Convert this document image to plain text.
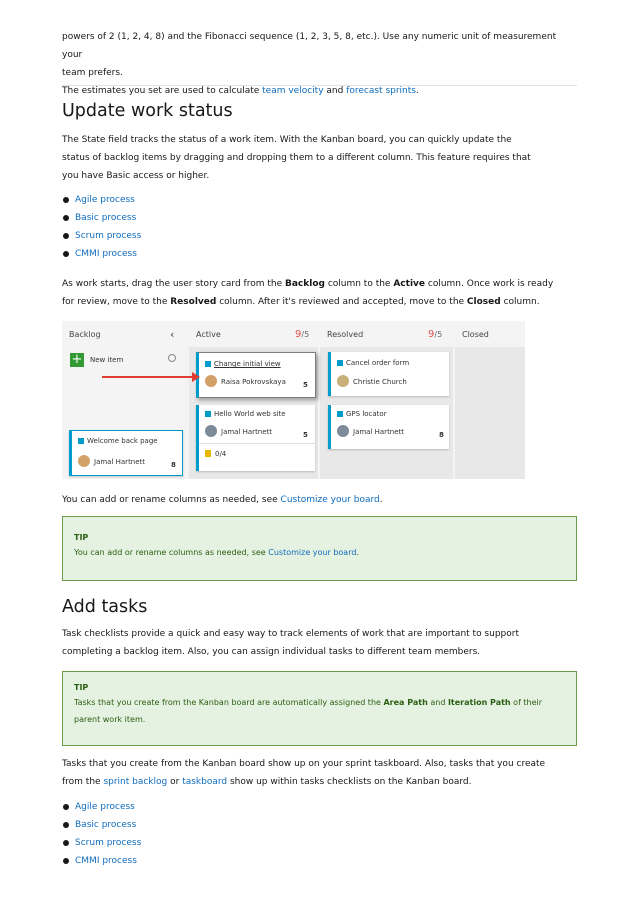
powers of 2 (1, 2, 4, 8) and the Fibonacci sequence (1, 2, 3, 5, 8, etc.). Use any numeric unit of measurement your

team prefers.

The estimates you set are used to calculate team velocity and forecast sprints.

Update work status

The State field tracks the status of a work item. With the Kanban board, you can quickly update the status of backlog items by dragging and dropping them to a different column. This feature requires that you have Basic access or higher.

Agile process
Basic process
Scrum process
CMMI process

As work starts, drag the user story card from the Backlog column to the Active column. Once work is ready for review, move to the Resolved column. After it's reviewed and accepted, move to the Closed column.

You can add or rename columns as needed, see Customize your board.

TIP
You can add or rename columns as needed, see Customize your board.
Add tasks

Task checklists provide a quick and easy way to track elements of work that are important to support completing a backlog item. Also, you can assign individual tasks to different team members.

TIP
Tasks that you create from the Kanban board are automatically assigned the Area Path and Iteration Path of their parent work item.

Tasks that you create from the Kanban board show up on your sprint taskboard. Also, tasks that you create from the sprint backlog or taskboard show up within tasks checklists on the Kanban board.

Agile process
Basic process
Scrum process
CMMI process
Backlog	‹	Active	9/5 Resolved	9/5 Closed
+ New item	Change initial view
Raisa Pokrovskaya 5
Hello World web site
Jamal Hartnett	5
0/4
Cancel order form
Christie Church
GPS locator
Jamal Hartnett	8
Welcome back page
Jamal Hartnett	8
